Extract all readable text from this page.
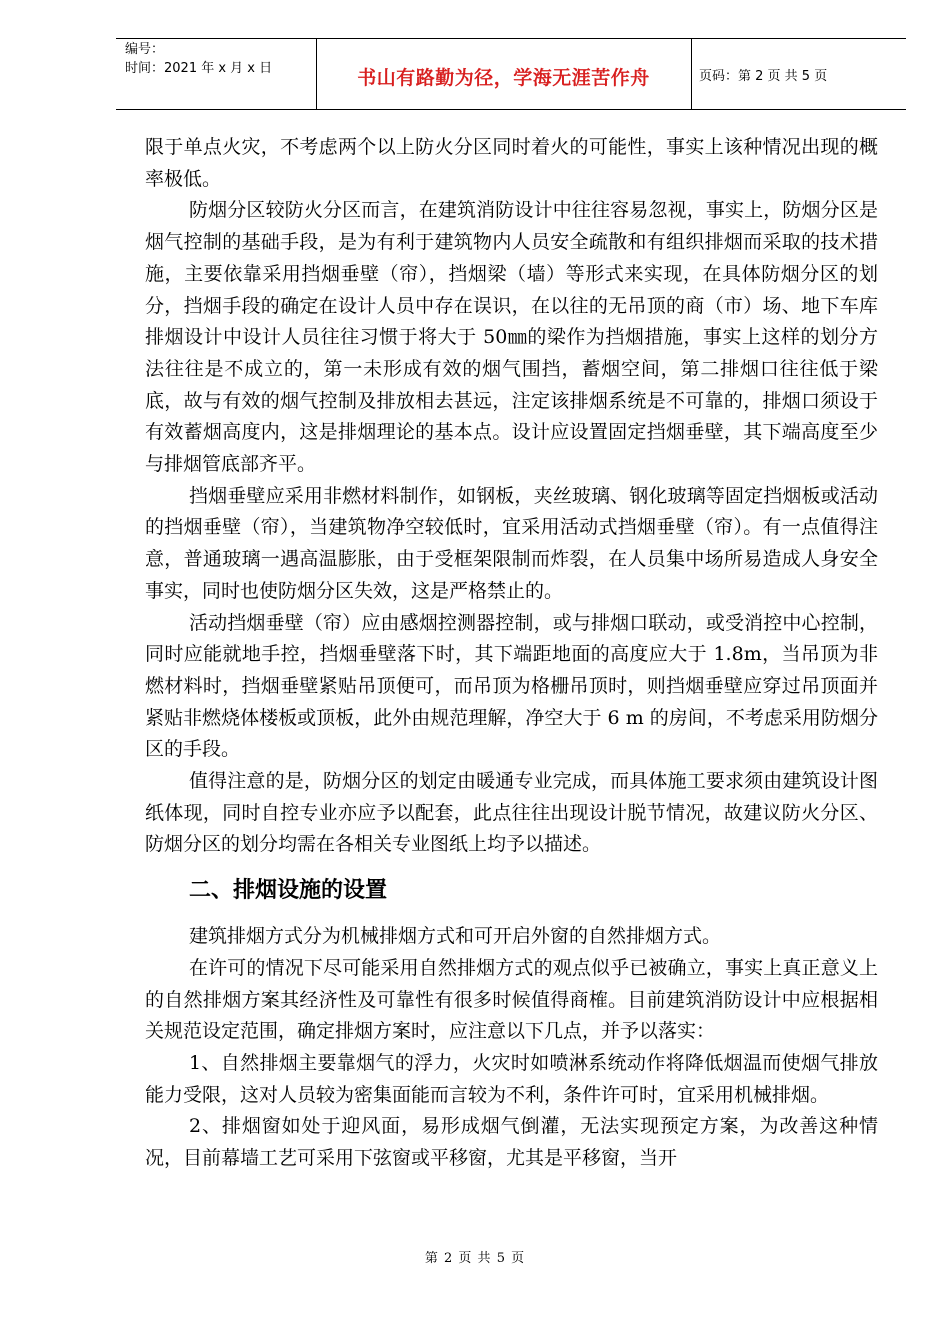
编号：
时间：2021 年 x 月 x 日	书山有路勤为径，学海无涯苦作舟	页码：第 2 页 共 5 页

限于单点火灾，不考虑两个以上防火分区同时着火的可能性，事实上该种情况出现的概率极低。

防烟分区较防火分区而言，在建筑消防设计中往往容易忽视，事实上，防烟分区是烟气控制的基础手段，是为有利于建筑物内人员安全疏散和有组织排烟而采取的技术措施，主要依靠采用挡烟垂壁（帘），挡烟梁（墙）等形式来实现，在具体防烟分区的划分，挡烟手段的确定在设计人员中存在误识，在以往的无吊顶的商（市）场、地下车库排烟设计中设计人员往往习惯于将大于 50㎜的梁作为挡烟措施，事实上这样的划分方法往往是不成立的，第一未形成有效的烟气围挡，蓄烟空间，第二排烟口往往低于梁底，故与有效的烟气控制及排放相去甚远，注定该排烟系统是不可靠的，排烟口须设于有效蓄烟高度内，这是排烟理论的基本点。设计应设置固定挡烟垂壁，其下端高度至少与排烟管底部齐平。

挡烟垂壁应采用非燃材料制作，如钢板，夹丝玻璃、钢化玻璃等固定挡烟板或活动的挡烟垂壁（帘），当建筑物净空较低时，宜采用活动式挡烟垂壁（帘）。有一点值得注意，普通玻璃一遇高温膨胀，由于受框架限制而炸裂，在人员集中场所易造成人身安全事实，同时也使防烟分区失效，这是严格禁止的。

活动挡烟垂壁（帘）应由感烟控测器控制，或与排烟口联动，或受消控中心控制，同时应能就地手控，挡烟垂壁落下时，其下端距地面的高度应大于 1.8m，当吊顶为非燃材料时，挡烟垂壁紧贴吊顶便可，而吊顶为格栅吊顶时，则挡烟垂壁应穿过吊顶面并紧贴非燃烧体楼板或顶板，此外由规范理解，净空大于 6 m 的房间，不考虑采用防烟分区的手段。

值得注意的是，防烟分区的划定由暖通专业完成，而具体施工要求须由建筑设计图纸体现，同时自控专业亦应予以配套，此点往往出现设计脱节情况，故建议防火分区、防烟分区的划分均需在各相关专业图纸上均予以描述。

二、排烟设施的设置

建筑排烟方式分为机械排烟方式和可开启外窗的自然排烟方式。

在许可的情况下尽可能采用自然排烟方式的观点似乎已被确立，事实上真正意义上的自然排烟方案其经济性及可靠性有很多时候值得商榷。目前建筑消防设计中应根据相关规范设定范围，确定排烟方案时，应注意以下几点，并予以落实：

1、自然排烟主要靠烟气的浮力，火灾时如喷淋系统动作将降低烟温而使烟气排放能力受限，这对人员较为密集面能而言较为不利，条件许可时，宜采用机械排烟。

2、排烟窗如处于迎风面，易形成烟气倒灌，无法实现预定方案，为改善这种情况，目前幕墙工艺可采用下弦窗或平移窗，尤其是平移窗，当开

第 2 页 共 5 页
